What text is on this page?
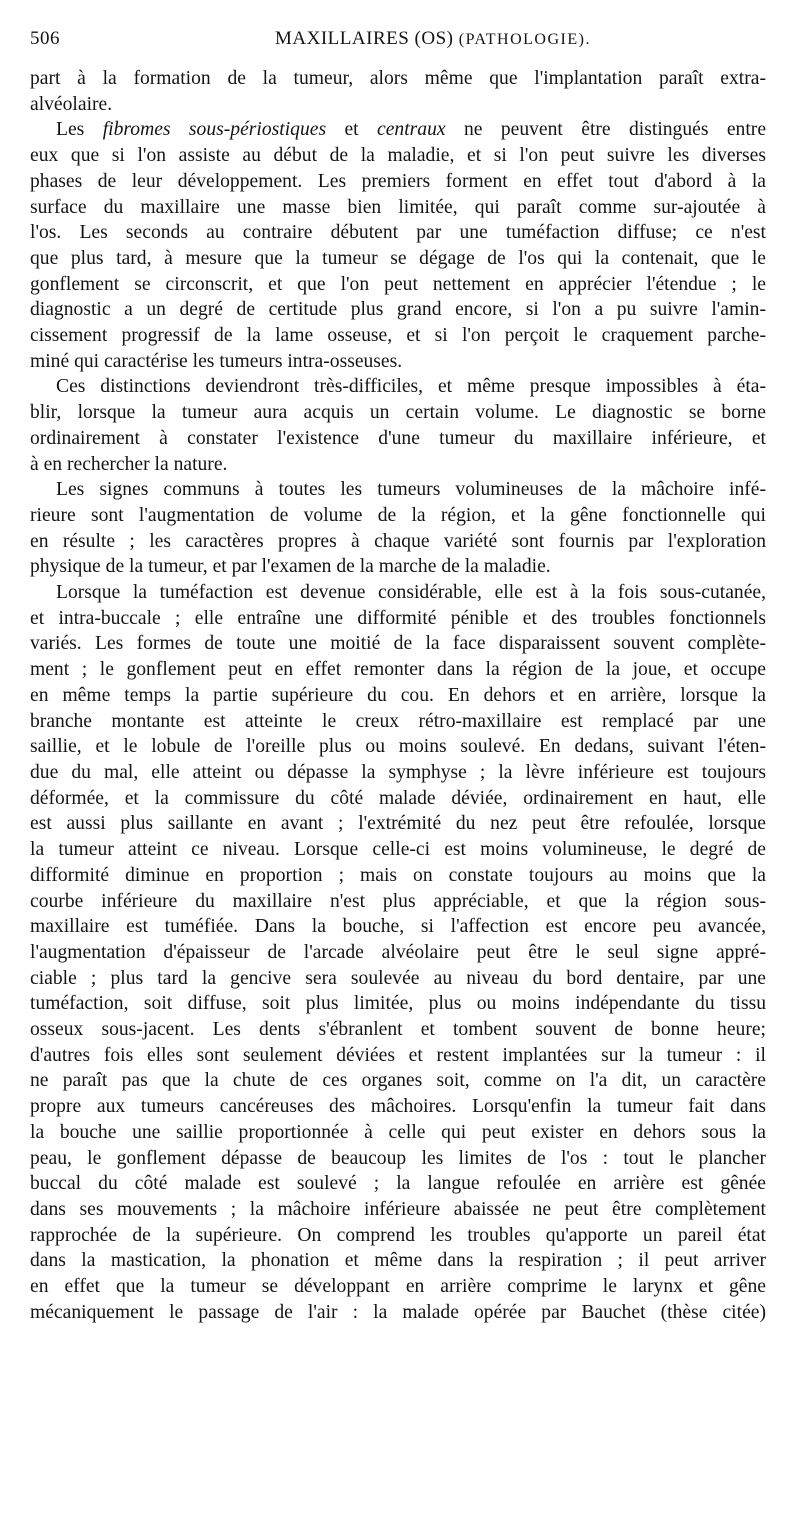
506	MAXILLAIRES (OS) (PATHOLOGIE).

part à la formation de la tumeur, alors même que l'implantation paraît extra-
alvéolaire.

Les fibromes sous-périostiques et centraux ne peuvent être distingués entre
eux que si l'on assiste au début de la maladie, et si l'on peut suivre les diverses
phases de leur développement. Les premiers forment en effet tout d'abord à la
surface du maxillaire une masse bien limitée, qui paraît comme sur-ajoutée à
l'os. Les seconds au contraire débutent par une tuméfaction diffuse; ce n'est
que plus tard, à mesure que la tumeur se dégage de l'os qui la contenait, que le
gonflement se circonscrit, et que l'on peut nettement en apprécier l'étendue ; le
diagnostic a un degré de certitude plus grand encore, si l'on a pu suivre l'amin-
cissement progressif de la lame osseuse, et si l'on perçoit le craquement parche-
miné qui caractérise les tumeurs intra-osseuses.

Ces distinctions deviendront très-difficiles, et même presque impossibles à éta-
blir, lorsque la tumeur aura acquis un certain volume. Le diagnostic se borne
ordinairement à constater l'existence d'une tumeur du maxillaire inférieure, et
à en rechercher la nature.

Les signes communs à toutes les tumeurs volumineuses de la mâchoire infé-
rieure sont l'augmentation de volume de la région, et la gêne fonctionnelle qui
en résulte ; les caractères propres à chaque variété sont fournis par l'exploration
physique de la tumeur, et par l'examen de la marche de la maladie.

Lorsque la tuméfaction est devenue considérable, elle est à la fois sous-cutanée,
et intra-buccale ; elle entraîne une difformité pénible et des troubles fonctionnels
variés. Les formes de toute une moitié de la face disparaissent souvent complète-
ment ; le gonflement peut en effet remonter dans la région de la joue, et occupe
en même temps la partie supérieure du cou. En dehors et en arrière, lorsque la
branche montante est atteinte le creux rétro-maxillaire est remplacé par une
saillie, et le lobule de l'oreille plus ou moins soulevé. En dedans, suivant l'éten-
due du mal, elle atteint ou dépasse la symphyse ; la lèvre inférieure est toujours
déformée, et la commissure du côté malade déviée, ordinairement en haut, elle
est aussi plus saillante en avant ; l'extrémité du nez peut être refoulée, lorsque
la tumeur atteint ce niveau. Lorsque celle-ci est moins volumineuse, le degré de
difformité diminue en proportion ; mais on constate toujours au moins que la
courbe inférieure du maxillaire n'est plus appréciable, et que la région sous-
maxillaire est tuméfiée. Dans la bouche, si l'affection est encore peu avancée,
l'augmentation d'épaisseur de l'arcade alvéolaire peut être le seul signe appré-
ciable ; plus tard la gencive sera soulevée au niveau du bord dentaire, par une
tuméfaction, soit diffuse, soit plus limitée, plus ou moins indépendante du tissu
osseux sous-jacent. Les dents s'ébranlent et tombent souvent de bonne heure;
d'autres fois elles sont seulement déviées et restent implantées sur la tumeur : il
ne paraît pas que la chute de ces organes soit, comme on l'a dit, un caractère
propre aux tumeurs cancéreuses des mâchoires. Lorsqu'enfin la tumeur fait dans
la bouche une saillie proportionnée à celle qui peut exister en dehors sous la
peau, le gonflement dépasse de beaucoup les limites de l'os : tout le plancher
buccal du côté malade est soulevé ; la langue refoulée en arrière est gênée
dans ses mouvements ; la mâchoire inférieure abaissée ne peut être complètement
rapprochée de la supérieure. On comprend les troubles qu'apporte un pareil état
dans la mastication, la phonation et même dans la respiration ; il peut arriver
en effet que la tumeur se développant en arrière comprime le larynx et gêne
mécaniquement le passage de l'air : la malade opérée par Bauchet (thèse citée)
